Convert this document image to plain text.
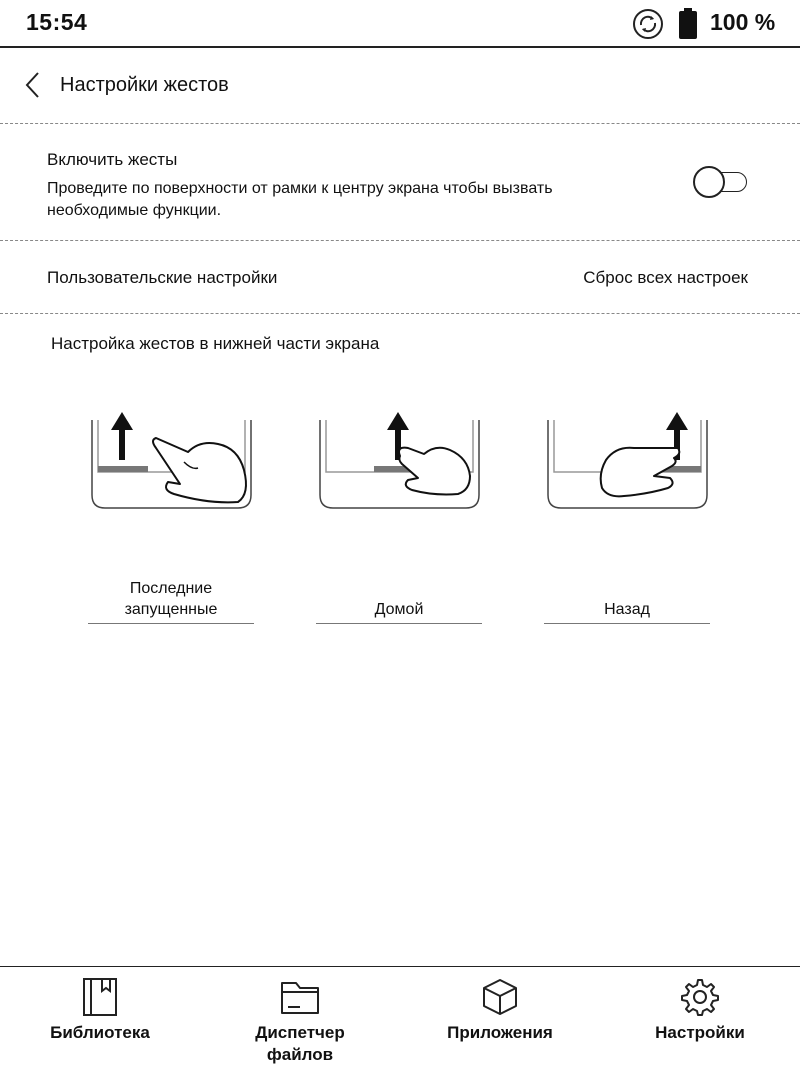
15:54	100 %
Настройки жестов
Включить жесты
Проведите по поверхности от рамки к центру экрана чтобы вызвать необходимые функции.
Пользовательские настройки	Сброс всех настроек
Настройка жестов в нижней части экрана
Последние
запущенные	Домой	Назад
Библиотека	Диспетчер
файлов
Приложения	Настройки
